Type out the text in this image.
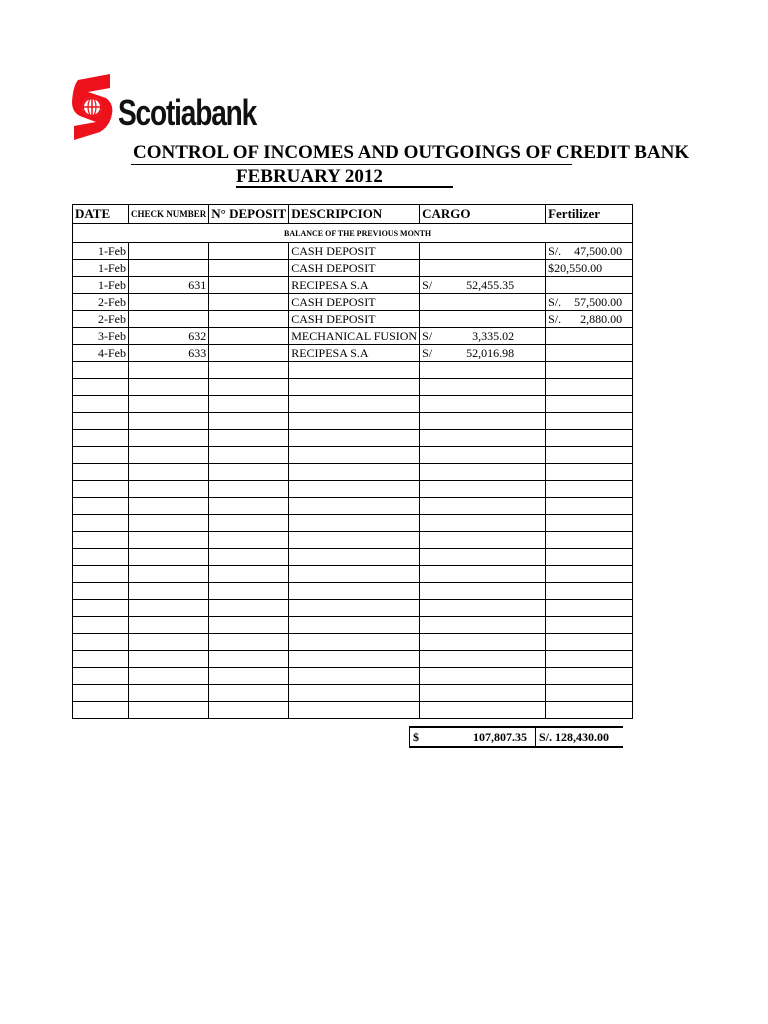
Scotiabank
CONTROL OF INCOMES AND OUTGOINGS OF CREDIT BANK
FEBRUARY 2012
DATE	CHECK NUMBER	N° DEPOSIT	DESCRIPCION	CARGO	Fertilizer
BALANCE OF THE PREVIOUS MONTH					
1-Feb			CASH DEPOSIT		S/. 47,500.00
1-Feb			CASH DEPOSIT		$20,550.00
1-Feb	631		RECIPESA S.A	S/ 52,455.35	
2-Feb			CASH DEPOSIT		S/. 57,500.00
2-Feb			CASH DEPOSIT		S/. 2,880.00
3-Feb	632		MECHANICAL FUSION	S/ 3,335.02	
4-Feb	633		RECIPESA S.A	S/ 52,016.98	

$	107,807.35	S/. 128,430.00
